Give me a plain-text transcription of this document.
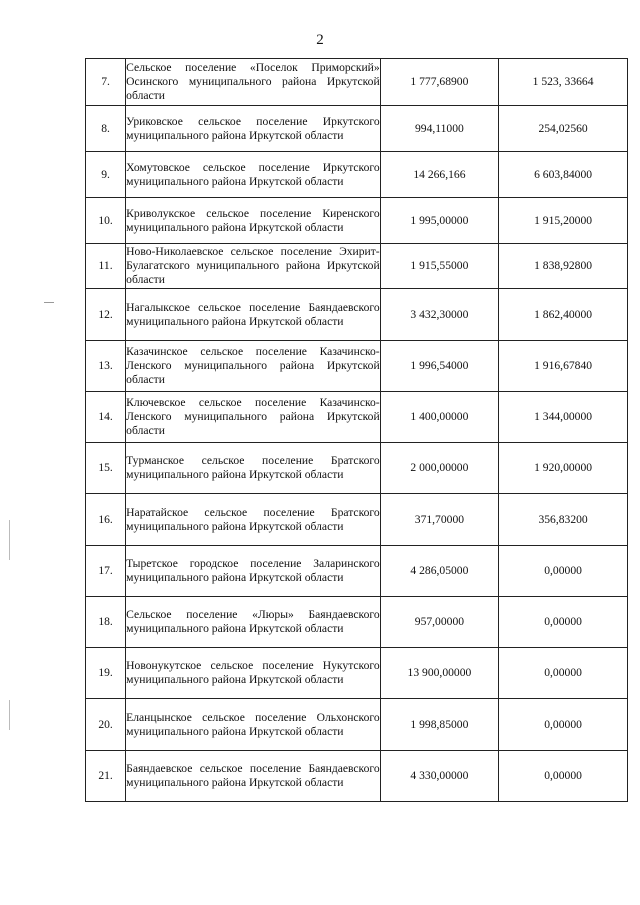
2
7.	Сельское поселение «Поселок Приморский» Осинского муниципального района Иркутской области	1 777,68900	1 523, 33664
8.	Уриковское сельское поселение Иркутского муниципального района Иркутской области	994,11000	254,02560
9.	Хомутовское сельское поселение Иркутского муниципального района Иркутской области	14 266,166	6 603,84000
10.	Криволукское сельское поселение Киренского муниципального района Иркутской области	1 995,00000	1 915,20000
11.	Ново-Николаевское сельское поселение Эхирит-Булагатского муниципального района Иркутской области	1 915,55000	1 838,92800
12.	Нагалыкское сельское поселение Баяндаевского муниципального района Иркутской области	3 432,30000	1 862,40000
13.	Казачинское сельское поселение Казачинско-Ленского муниципального района Иркутской области	1 996,54000	1 916,67840
14.	Ключевское сельское поселение Казачинско-Ленского муниципального района Иркутской области	1 400,00000	1 344,00000
15.	Турманское сельское поселение Братского муниципального района Иркутской области	2 000,00000	1 920,00000
16.	Наратайское сельское поселение Братского муниципального района Иркутской области	371,70000	356,83200
17.	Тыретское городское поселение Заларинского муниципального района Иркутской области	4 286,05000	0,00000
18.	Сельское поселение «Люры» Баяндаевского муниципального района Иркутской области	957,00000	0,00000
19.	Новонукутское сельское поселение Нукутского муниципального района Иркутской области	13 900,00000	0,00000
20.	Еланцынское сельское поселение Ольхонского муниципального района Иркутской области	1 998,85000	0,00000
21.	Баяндаевское сельское поселение Баяндаевского муниципального района Иркутской области	4 330,00000	0,00000
